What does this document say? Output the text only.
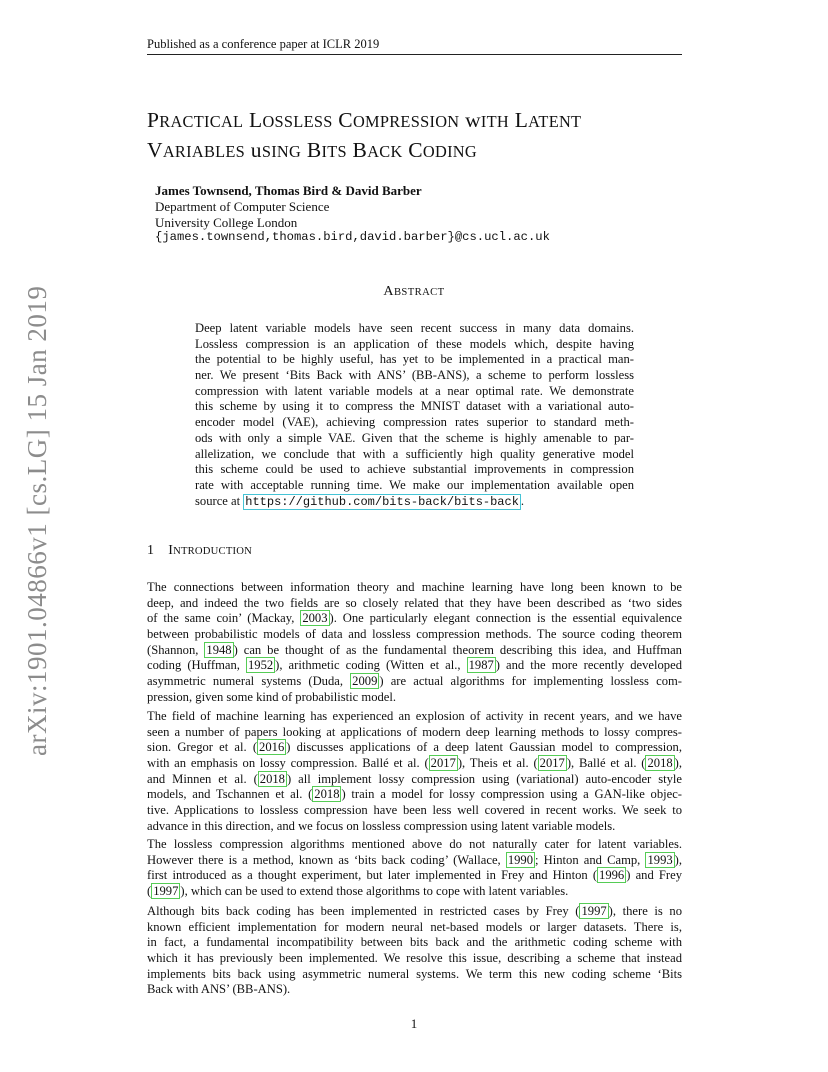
Published as a conference paper at ICLR 2019
arXiv:1901.04866v1 [cs.LG] 15 Jan 2019
PRACTICAL LOSSLESS COMPRESSION wITH LATENT
VARIABLES uSING BITS BACK CODING
James Townsend, Thomas Bird & David Barber
Department of Computer Science
University College London
{james.townsend,thomas.bird,david.barber}@cs.ucl.ac.uk
ABSTRACT
Deep latent variable models have seen recent success in many data domains.
Lossless compression is an application of these models which, despite having
the potential to be highly useful, has yet to be implemented in a practical man-
ner. We present ‘Bits Back with ANS’ (BB-ANS), a scheme to perform lossless
compression with latent variable models at a near optimal rate. We demonstrate
this scheme by using it to compress the MNIST dataset with a variational auto-
encoder model (VAE), achieving compression rates superior to standard meth-
ods with only a simple VAE. Given that the scheme is highly amenable to par-
allelization, we conclude that with a sufficiently high quality generative model
this scheme could be used to achieve substantial improvements in compression
rate with acceptable running time. We make our implementation available open
source at https://github.com/bits-back/bits-back .
1 INTRODUCTION
The connections between information theory and machine learning have long been known to be
deep, and indeed the two fields are so closely related that they have been described as ‘two sides
of the same coin’ (Mackay, 2003 ). One particularly elegant connection is the essential equivalence
between probabilistic models of data and lossless compression methods. The source coding theorem
(Shannon, 1948 ) can be thought of as the fundamental theorem describing this idea, and Huffman
coding (Huffman, 1952 ), arithmetic coding (Witten et al., 1987 ) and the more recently developed
asymmetric numeral systems (Duda, 2009 ) are actual algorithms for implementing lossless com-
pression, given some kind of probabilistic model.
The field of machine learning has experienced an explosion of activity in recent years, and we have
seen a number of papers looking at applications of modern deep learning methods to lossy compres-
sion. Gregor et al. ( 2016 ) discusses applications of a deep latent Gaussian model to compression,
with an emphasis on lossy compression. Ballé et al. ( 2017 ), Theis et al. ( 2017 ), Ballé et al. ( 2018 ),
and Minnen et al. ( 2018 ) all implement lossy compression using (variational) auto-encoder style
models, and Tschannen et al. ( 2018 ) train a model for lossy compression using a GAN-like objec-
tive. Applications to lossless compression have been less well covered in recent works. We seek to
advance in this direction, and we focus on lossless compression using latent variable models.
The lossless compression algorithms mentioned above do not naturally cater for latent variables.
However there is a method, known as ‘bits back coding’ (Wallace, 1990 ; Hinton and Camp, 1993 ),
first introduced as a thought experiment, but later implemented in Frey and Hinton ( 1996 ) and Frey
( 1997 ), which can be used to extend those algorithms to cope with latent variables.
Although bits back coding has been implemented in restricted cases by Frey ( 1997 ), there is no
known efficient implementation for modern neural net-based models or larger datasets. There is,
in fact, a fundamental incompatibility between bits back and the arithmetic coding scheme with
which it has previously been implemented. We resolve this issue, describing a scheme that instead
implements bits back using asymmetric numeral systems. We term this new coding scheme ‘Bits
Back with ANS’ (BB-ANS).
1
